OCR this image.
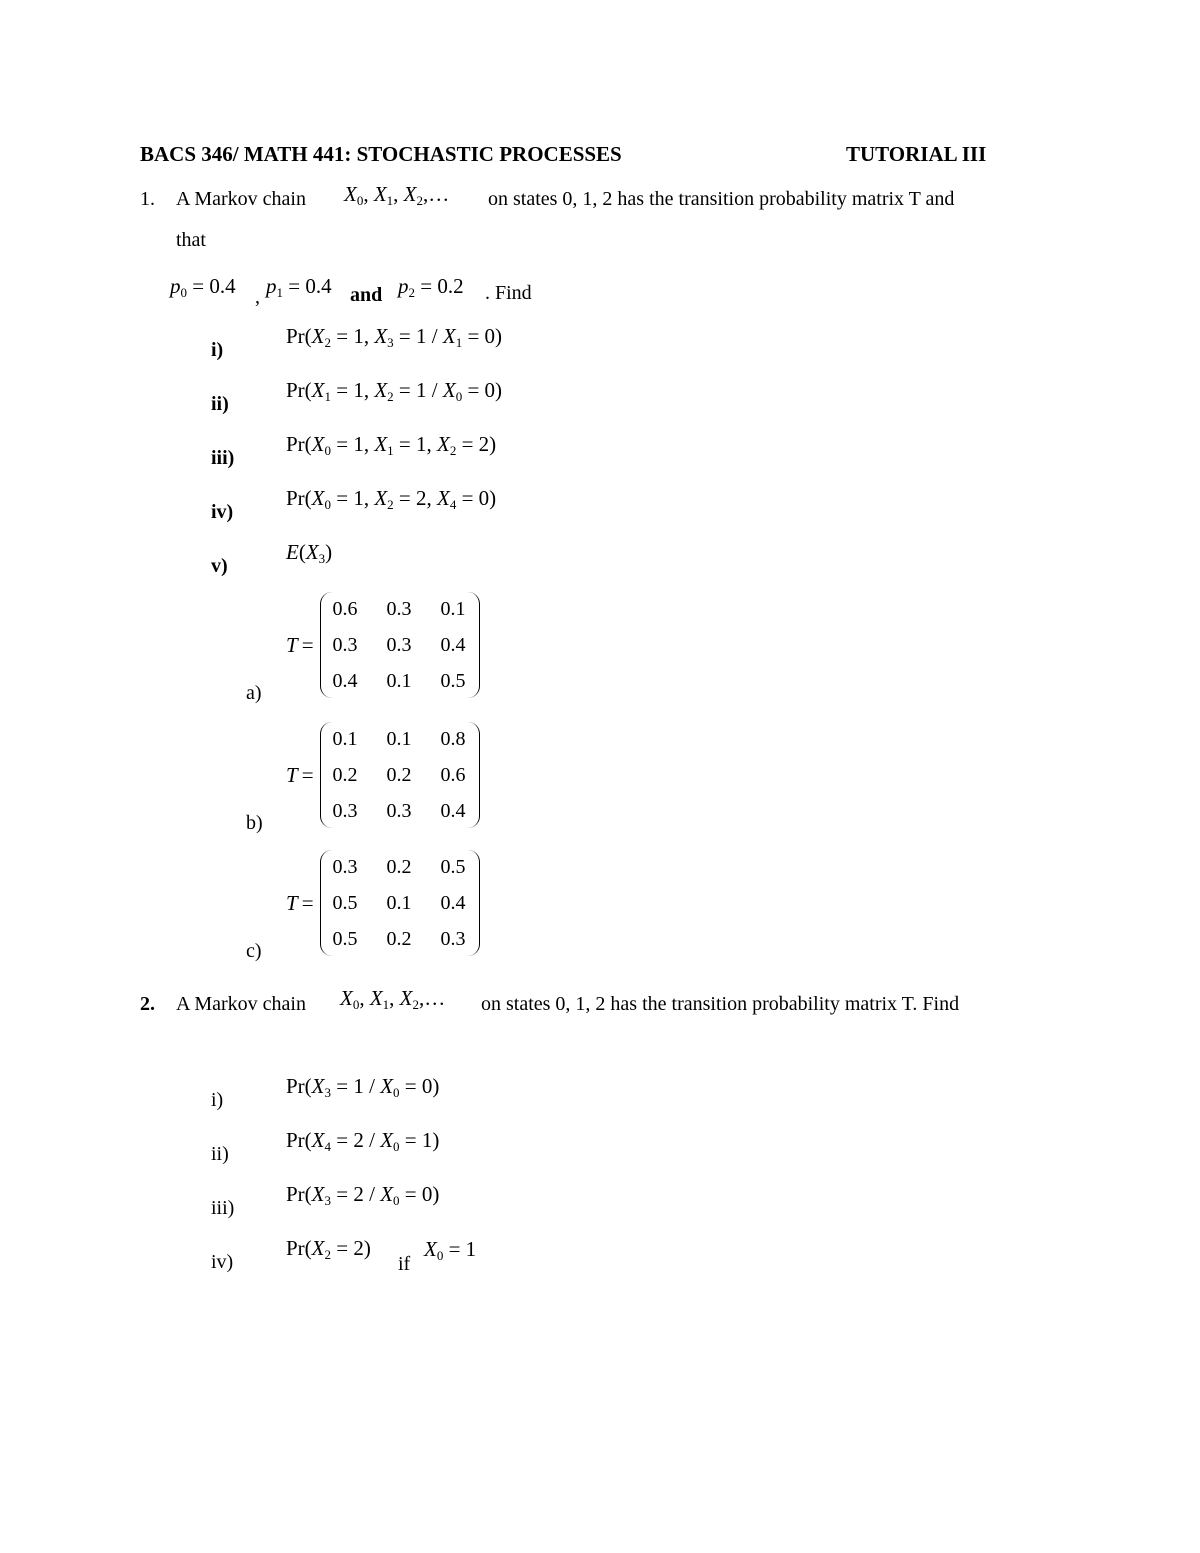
BACS 346/ MATH 441: STOCHASTIC PROCESSES	TUTORIAL III
1. A Markov chain $X_0$, $X_1$, $X_2,\dots$ on states 0, 1, 2 has the transition probability matrix T and
that
$p_0 = 0.4$ , $p_1 = 0.4$ and $p_2 = 0.2$ . Find
i)
$Pr(X_2 = 1$, $X_3 = 1 / X_1 = 0$)
ii)
$Pr(X_1 = 1$, $X_2 = 1 / X_0 = 0$)
iii)
$Pr(X_0 = 1$, $X_1 = 1$, $X_2 = 2$)
iv)
$Pr(X_0 = 1$, $X_2 = 2$, $X_4 = 0$)
v)
$E(X_3)$
a)
T =
0.6	0.3	0.1
0.3	0.3	0.4
0.4	0.1	0.5
b)
T =
0.1	0.1	0.8
0.2	0.2	0.6
0.3	0.3	0.4
c)
T =
0.3	0.2	0.5
0.5	0.1	0.4
0.5	0.2	0.3
2. A Markov chain $X_0$, $X_1$, $X_2,\dots$ on states 0, 1, 2 has the transition probability matrix T. Find
i)
$Pr(X_3 = 1 / X_0 = 0)$
ii)
$Pr(X_4 = 2 / X_0 = 1)$
iii)
$Pr(X_3 = 2 / X_0 = 0)$
iv)
$Pr(X_2 = 2)$
if
$X_0 = 1$
